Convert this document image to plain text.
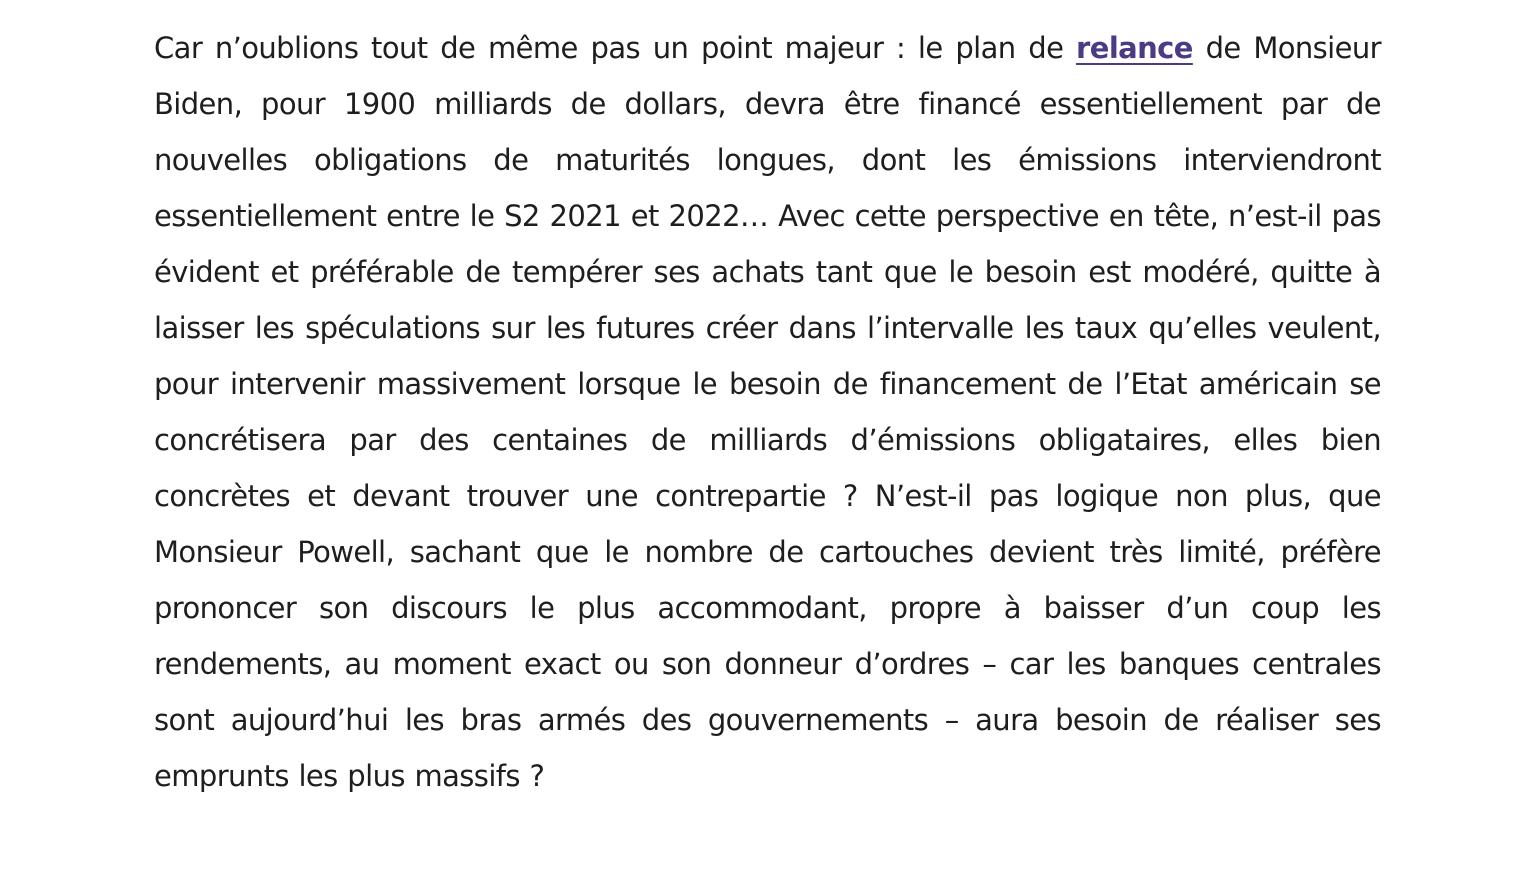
Car n’oublions tout de même pas un point majeur : le plan de relance de Monsieur Biden, pour 1900 milliards de dollars, devra être financé essentiellement par de nouvelles obligations de maturités longues, dont les émissions interviendront essentiellement entre le S2 2021 et 2022… Avec cette perspective en tête, n’est-il pas évident et préférable de tempérer ses achats tant que le besoin est modéré, quitte à laisser les spéculations sur les futures créer dans l’intervalle les taux qu’elles veulent, pour intervenir massivement lorsque le besoin de financement de l’Etat américain se concrétisera par des centaines de milliards d’émissions obligataires, elles bien concrètes et devant trouver une contrepartie ? N’est-il pas logique non plus, que Monsieur Powell, sachant que le nombre de cartouches devient très limité, préfère prononcer son discours le plus accommodant, propre à baisser d’un coup les rendements, au moment exact ou son donneur d’ordres – car les banques centrales sont aujourd’hui les bras armés des gouvernements – aura besoin de réaliser ses emprunts les plus massifs ?
